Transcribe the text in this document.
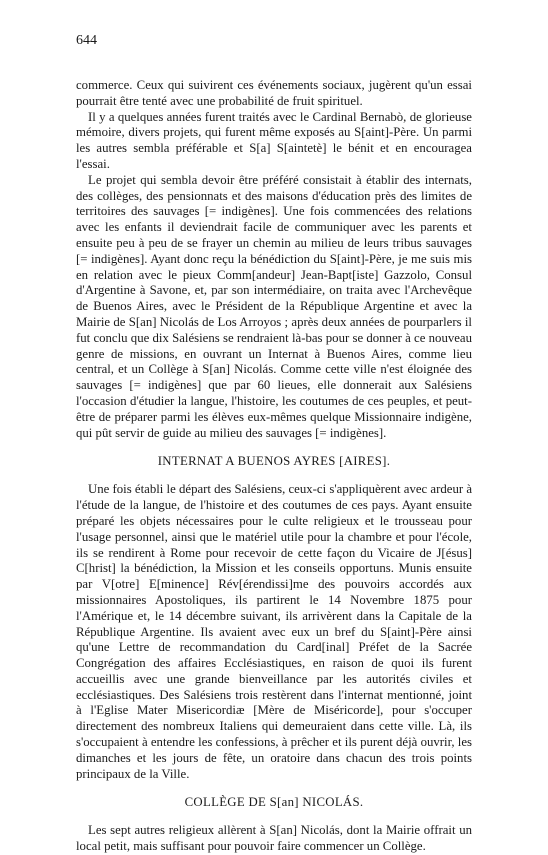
644

commerce. Ceux qui suivirent ces événements sociaux, jugèrent qu'un essai pourrait être tenté avec une probabilité de fruit spirituel.

Il y a quelques années furent traités avec le Cardinal Bernabò, de glorieuse mémoire, divers projets, qui furent même exposés au S[aint]-Père. Un parmi les autres sembla préférable et S[a] S[aintetè] le bénit et en encouragea l'essai.

Le projet qui sembla devoir être préféré consistait à établir des internats, des collèges, des pensionnats et des maisons d'éducation près des limites de territoires des sauvages [= indigènes]. Une fois commencées des relations avec les enfants il deviendrait facile de communiquer avec les parents et ensuite peu à peu de se frayer un chemin au milieu de leurs tribus sauvages [= indigènes]. Ayant donc reçu la bénédiction du S[aint]-Père, je me suis mis en relation avec le pieux Comm[andeur] Jean-Bapt[iste] Gazzolo, Consul d'Argentine à Savone, et, par son intermédiaire, on traita avec l'Archevêque de Buenos Aires, avec le Président de la République Argentine et avec la Mairie de S[an] Nicolás de Los Arroyos ; après deux années de pourparlers il fut conclu que dix Salésiens se rendraient là-bas pour se donner à ce nouveau genre de missions, en ouvrant un Internat à Buenos Aires, comme lieu central, et un Collège à S[an] Nicolás. Comme cette ville n'est éloignée des sauvages [= indigènes] que par 60 lieues, elle donnerait aux Salésiens l'occasion d'étudier la langue, l'histoire, les coutumes de ces peuples, et peut-être de préparer parmi les élèves eux-mêmes quelque Missionnaire indigène, qui pût servir de guide au milieu des sauvages [= indigènes].

INTERNAT A BUENOS AYRES [AIRES].

Une fois établi le départ des Salésiens, ceux-ci s'appliquèrent avec ardeur à l'étude de la langue, de l'histoire et des coutumes de ces pays. Ayant ensuite préparé les objets nécessaires pour le culte religieux et le trousseau pour l'usage personnel, ainsi que le matériel utile pour la chambre et pour l'école, ils se rendirent à Rome pour recevoir de cette façon du Vicaire de J[ésus] C[hrist] la bénédiction, la Mission et les conseils opportuns. Munis ensuite par V[otre] E[minence] Rév[érendissi]me des pouvoirs accordés aux missionnaires Apostoliques, ils partirent le 14 Novembre 1875 pour l'Amérique et, le 14 décembre suivant, ils arrivèrent dans la Capitale de la République Argentine. Ils avaient avec eux un bref du S[aint]-Père ainsi qu'une Lettre de recommandation du Card[inal] Préfet de la Sacrée Congrégation des affaires Ecclésiastiques, en raison de quoi ils furent accueillis avec une grande bienveillance par les autorités civiles et ecclésiastiques. Des Salésiens trois restèrent dans l'internat mentionné, joint à l'Eglise Mater Misericordiæ [Mère de Miséricorde], pour s'occuper directement des nombreux Italiens qui demeuraient dans cette ville. Là, ils s'occupaient à entendre les confessions, à prêcher et ils purent déjà ouvrir, les dimanches et les jours de fête, un oratoire dans chacun des trois points principaux de la Ville.

COLLÈGE DE S[an] NICOLÁS.

Les sept autres religieux allèrent à S[an] Nicolás, dont la Mairie offrait un local petit, mais suffisant pour pouvoir faire commencer un Collège.
